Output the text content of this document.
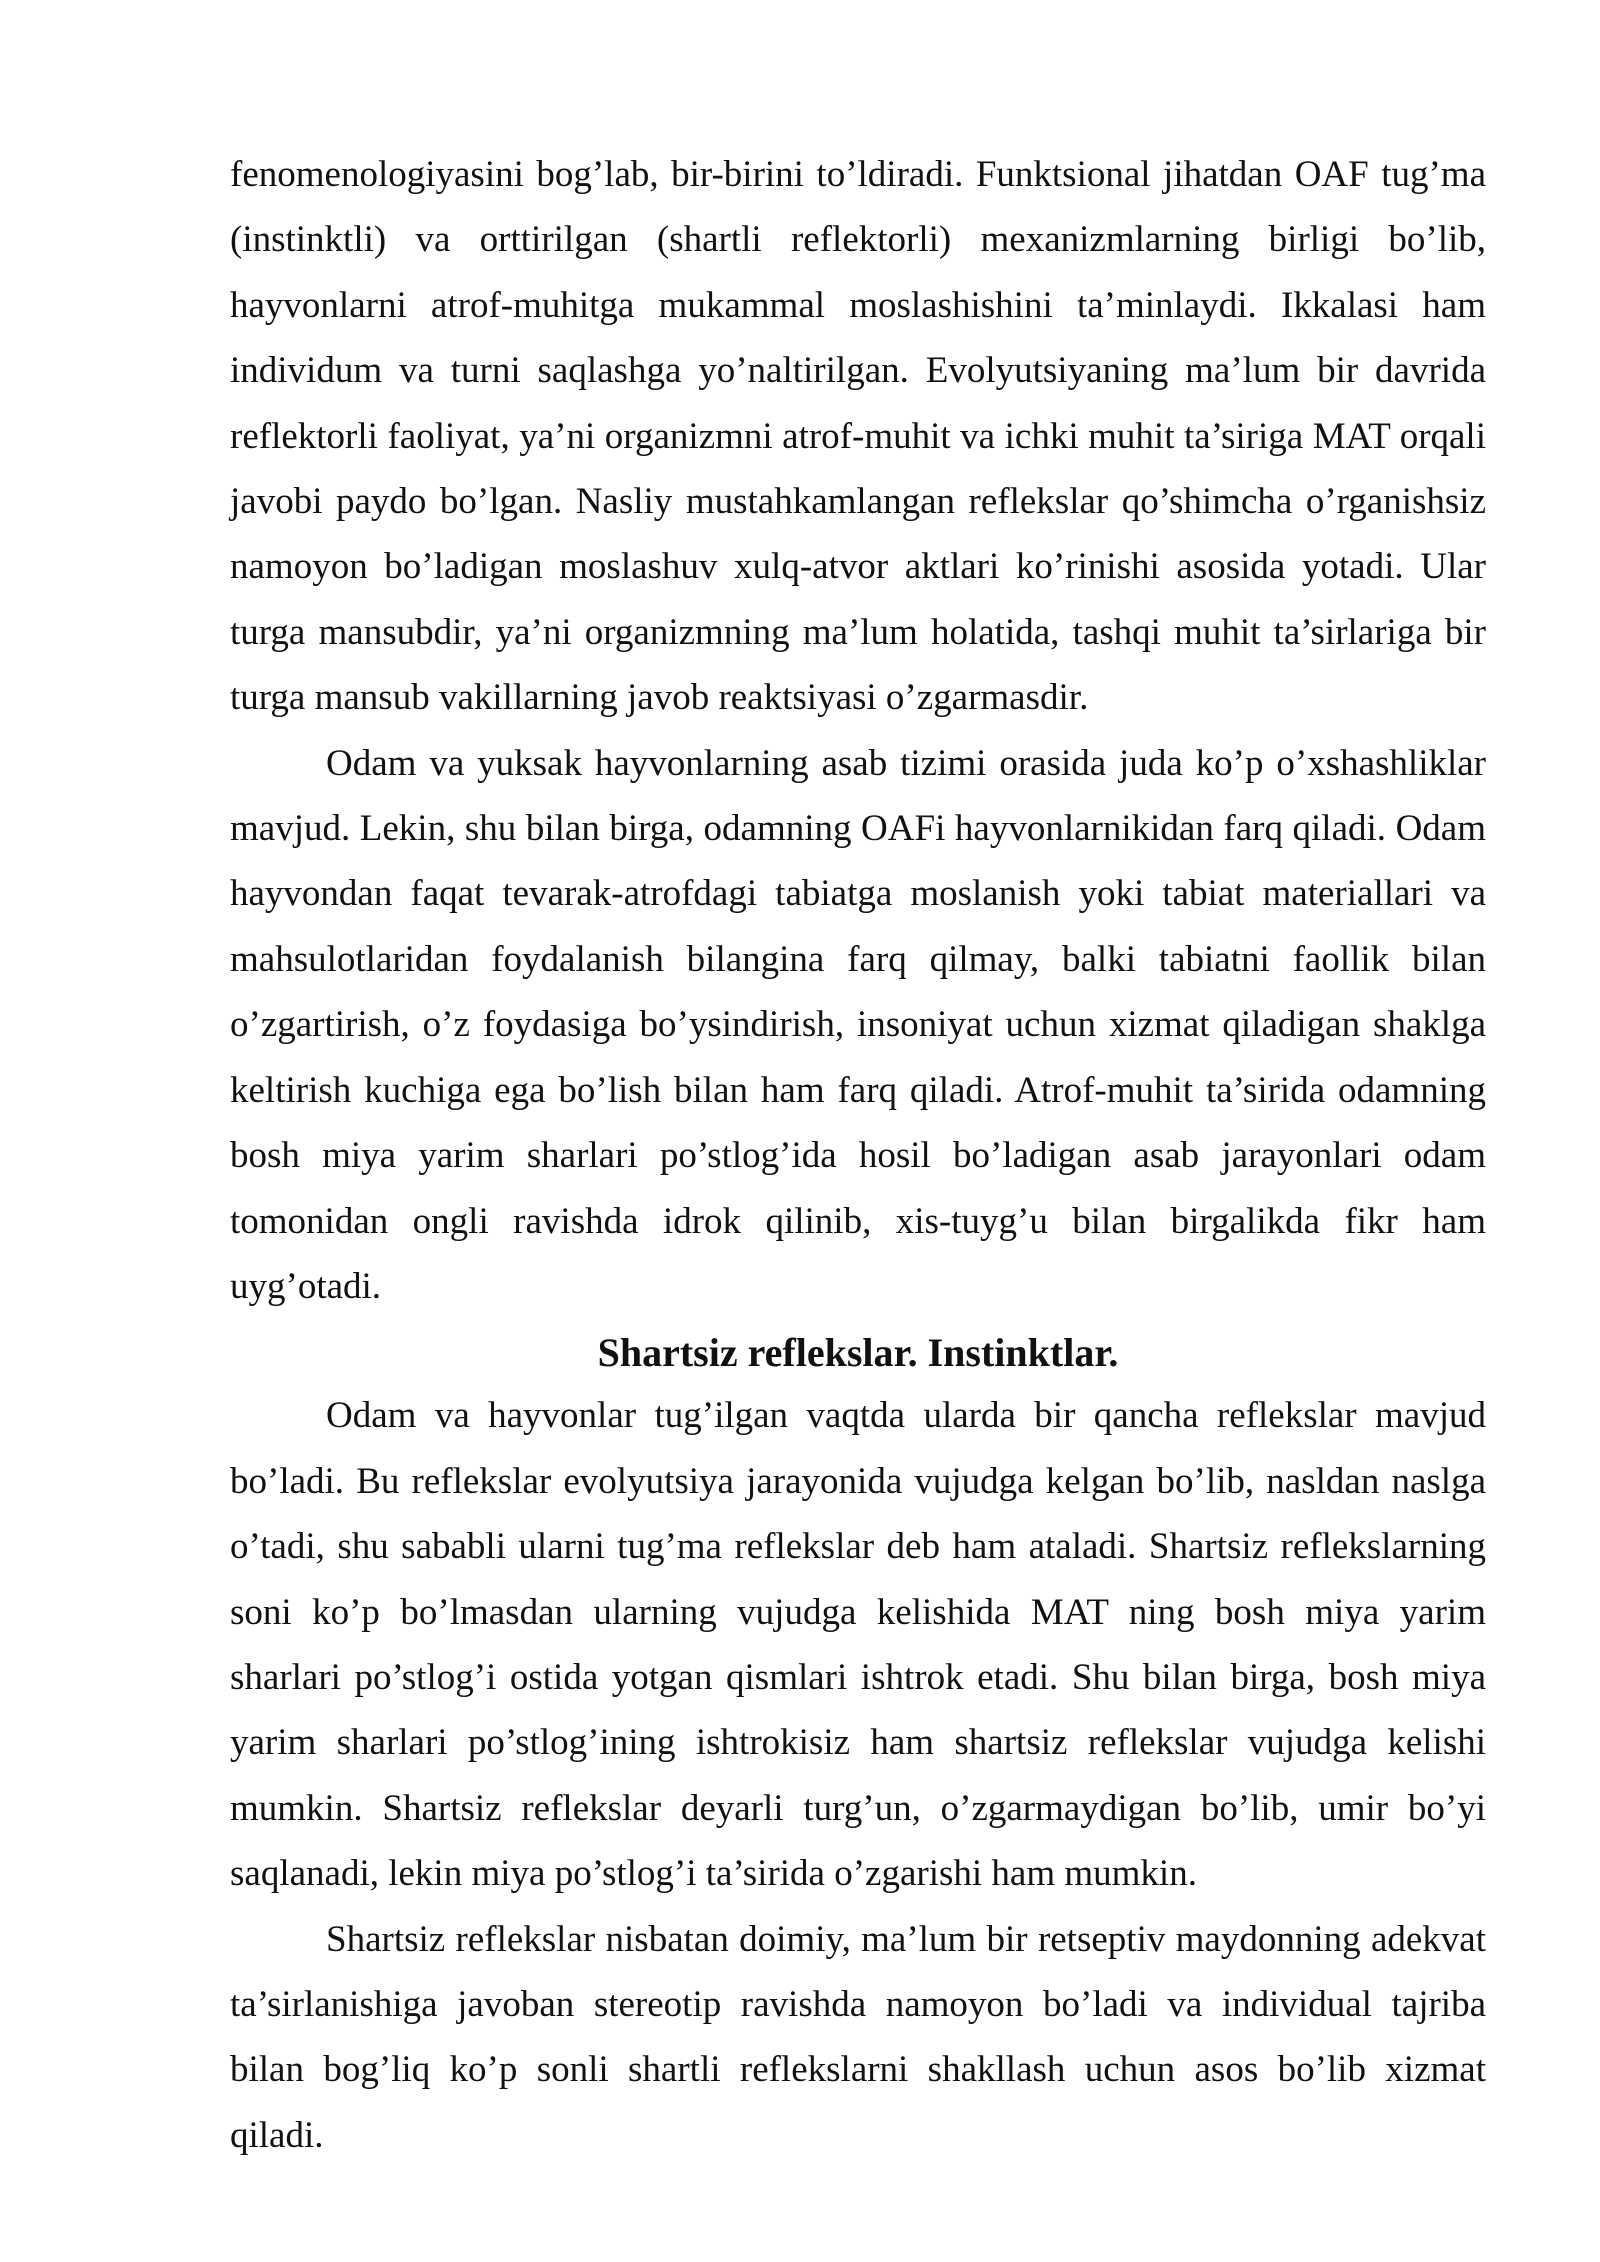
fenomenologiyasini bog’lab, bir-birini to’ldiradi. Funktsional jihatdan OAF tug’ma (instinktli) va orttirilgan (shartli reflektorli) mexanizmlarning birligi bo’lib, hayvonlarni atrof-muhitga mukammal moslashishini ta’minlaydi. Ikkalasi ham individum va turni saqlashga yo’naltirilgan. Evolyutsiyaning ma’lum bir davrida reflektorli faoliyat, ya’ni organizmni atrof-muhit va ichki muhit ta’siriga MAT orqali javobi paydo bo’lgan. Nasliy mustahkamlangan reflekslar qo’shimcha o’rganishsiz namoyon bo’ladigan moslashuv xulq-atvor aktlari ko’rinishi asosida yotadi. Ular turga mansubdir, ya’ni organizmning ma’lum holatida, tashqi muhit ta’sirlariga bir turga mansub vakillarning javob reaktsiyasi o’zgarmasdir.

Odam va yuksak hayvonlarning asab tizimi orasida juda ko’p o’xshashliklar mavjud. Lekin, shu bilan birga, odamning OAFi hayvonlarnikidan farq qiladi. Odam hayvondan faqat tevarak-atrofdagi tabiatga moslanish yoki tabiat materiallari va mahsulotlaridan foydalanish bilangina farq qilmay, balki tabiatni faollik bilan o’zgartirish, o’z foydasiga bo’ysindirish, insoniyat uchun xizmat qiladigan shaklga keltirish kuchiga ega bo’lish bilan ham farq qiladi. Atrof-muhit ta’sirida odamning bosh miya yarim sharlari po’stlog’ida hosil bo’ladigan asab jarayonlari odam tomonidan ongli ravishda idrok qilinib, xis-tuyg’u bilan birgalikda fikr ham uyg’otadi.

Shartsiz reflekslar. Instinktlar.

Odam va hayvonlar tug’ilgan vaqtda ularda bir qancha reflekslar mavjud bo’ladi. Bu reflekslar evolyutsiya jarayonida vujudga kelgan bo’lib, nasldan naslga o’tadi, shu sababli ularni tug’ma reflekslar deb ham ataladi. Shartsiz reflekslarning soni ko’p bo’lmasdan ularning vujudga kelishida MAT ning bosh miya yarim sharlari po’stlog’i ostida yotgan qismlari ishtrok etadi. Shu bilan birga, bosh miya yarim sharlari po’stlog’ining ishtrokisiz ham shartsiz reflekslar vujudga kelishi mumkin. Shartsiz reflekslar deyarli turg’un, o’zgarmaydigan bo’lib, umir bo’yi saqlanadi, lekin miya po’stlog’i ta’sirida o’zgarishi ham mumkin.

Shartsiz reflekslar nisbatan doimiy, ma’lum bir retseptiv maydonning adekvat ta’sirlanishiga javoban stereotip ravishda namoyon bo’ladi va individual tajriba bilan bog’liq ko’p sonli shartli reflekslarni shakllash uchun asos bo’lib xizmat qiladi.
